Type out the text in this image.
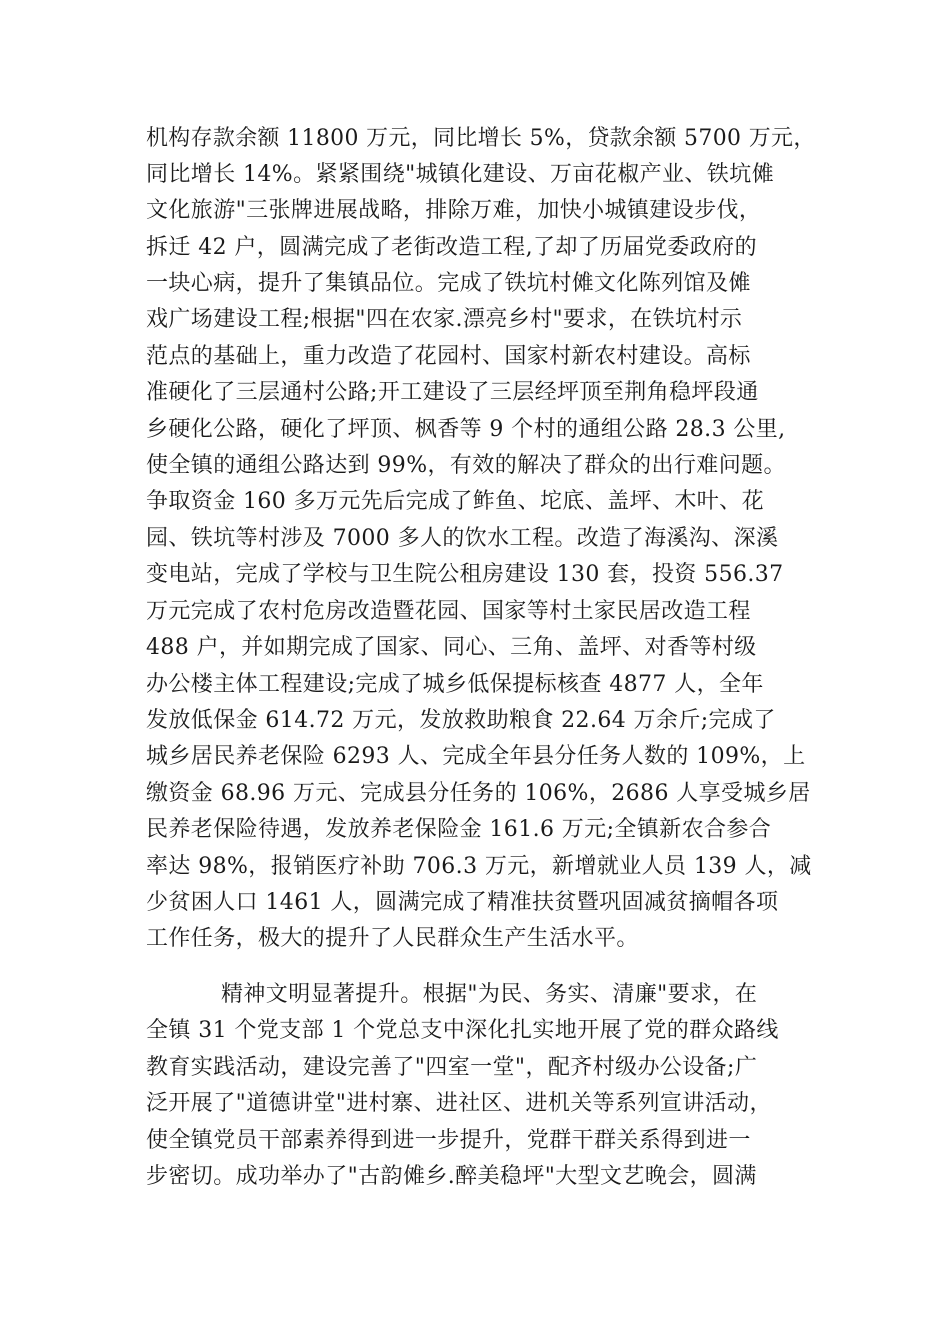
机构存款余额 11800 万元，同比增长 5%，贷款余额 5700 万元，
同比增长 14%。紧紧围绕"城镇化建设、万亩花椒产业、铁坑傩
文化旅游"三张牌进展战略，排除万难，加快小城镇建设步伐，
拆迁 42 户，圆满完成了老街改造工程,了却了历届党委政府的
一块心病，提升了集镇品位。完成了铁坑村傩文化陈列馆及傩
戏广场建设工程;根据"四在农家.漂亮乡村"要求，在铁坑村示
范点的基础上，重力改造了花园村、国家村新农村建设。高标
准硬化了三层通村公路;开工建设了三层经坪顶至荆角稳坪段通
乡硬化公路，硬化了坪顶、枫香等 9 个村的通组公路 28.3 公里,
使全镇的通组公路达到 99%，有效的解决了群众的出行难问题。
争取资金 160 多万元先后完成了鲊鱼、坨底、盖坪、木叶、花
园、铁坑等村涉及 7000 多人的饮水工程。改造了海溪沟、深溪
变电站，完成了学校与卫生院公租房建设 130 套，投资 556.37
万元完成了农村危房改造暨花园、国家等村土家民居改造工程
488 户，并如期完成了国家、同心、三角、盖坪、对香等村级
办公楼主体工程建设;完成了城乡低保提标核查 4877 人，全年
发放低保金 614.72 万元，发放救助粮食 22.64 万余斤;完成了
城乡居民养老保险 6293 人、完成全年县分任务人数的 109%，上
缴资金 68.96 万元、完成县分任务的 106%，2686 人享受城乡居
民养老保险待遇，发放养老保险金 161.6 万元;全镇新农合参合
率达 98%，报销医疗补助 706.3 万元，新增就业人员 139 人，减
少贫困人口 1461 人，圆满完成了精准扶贫暨巩固减贫摘帽各项
工作任务，极大的提升了人民群众生产生活水平。
精神文明显著提升。根据"为民、务实、清廉"要求，在
全镇 31 个党支部 1 个党总支中深化扎实地开展了党的群众路线
教育实践活动，建设完善了"四室一堂"，配齐村级办公设备;广
泛开展了"道德讲堂"进村寨、进社区、进机关等系列宣讲活动，
使全镇党员干部素养得到进一步提升，党群干群关系得到进一
步密切。成功举办了"古韵傩乡.醉美稳坪"大型文艺晚会，圆满
